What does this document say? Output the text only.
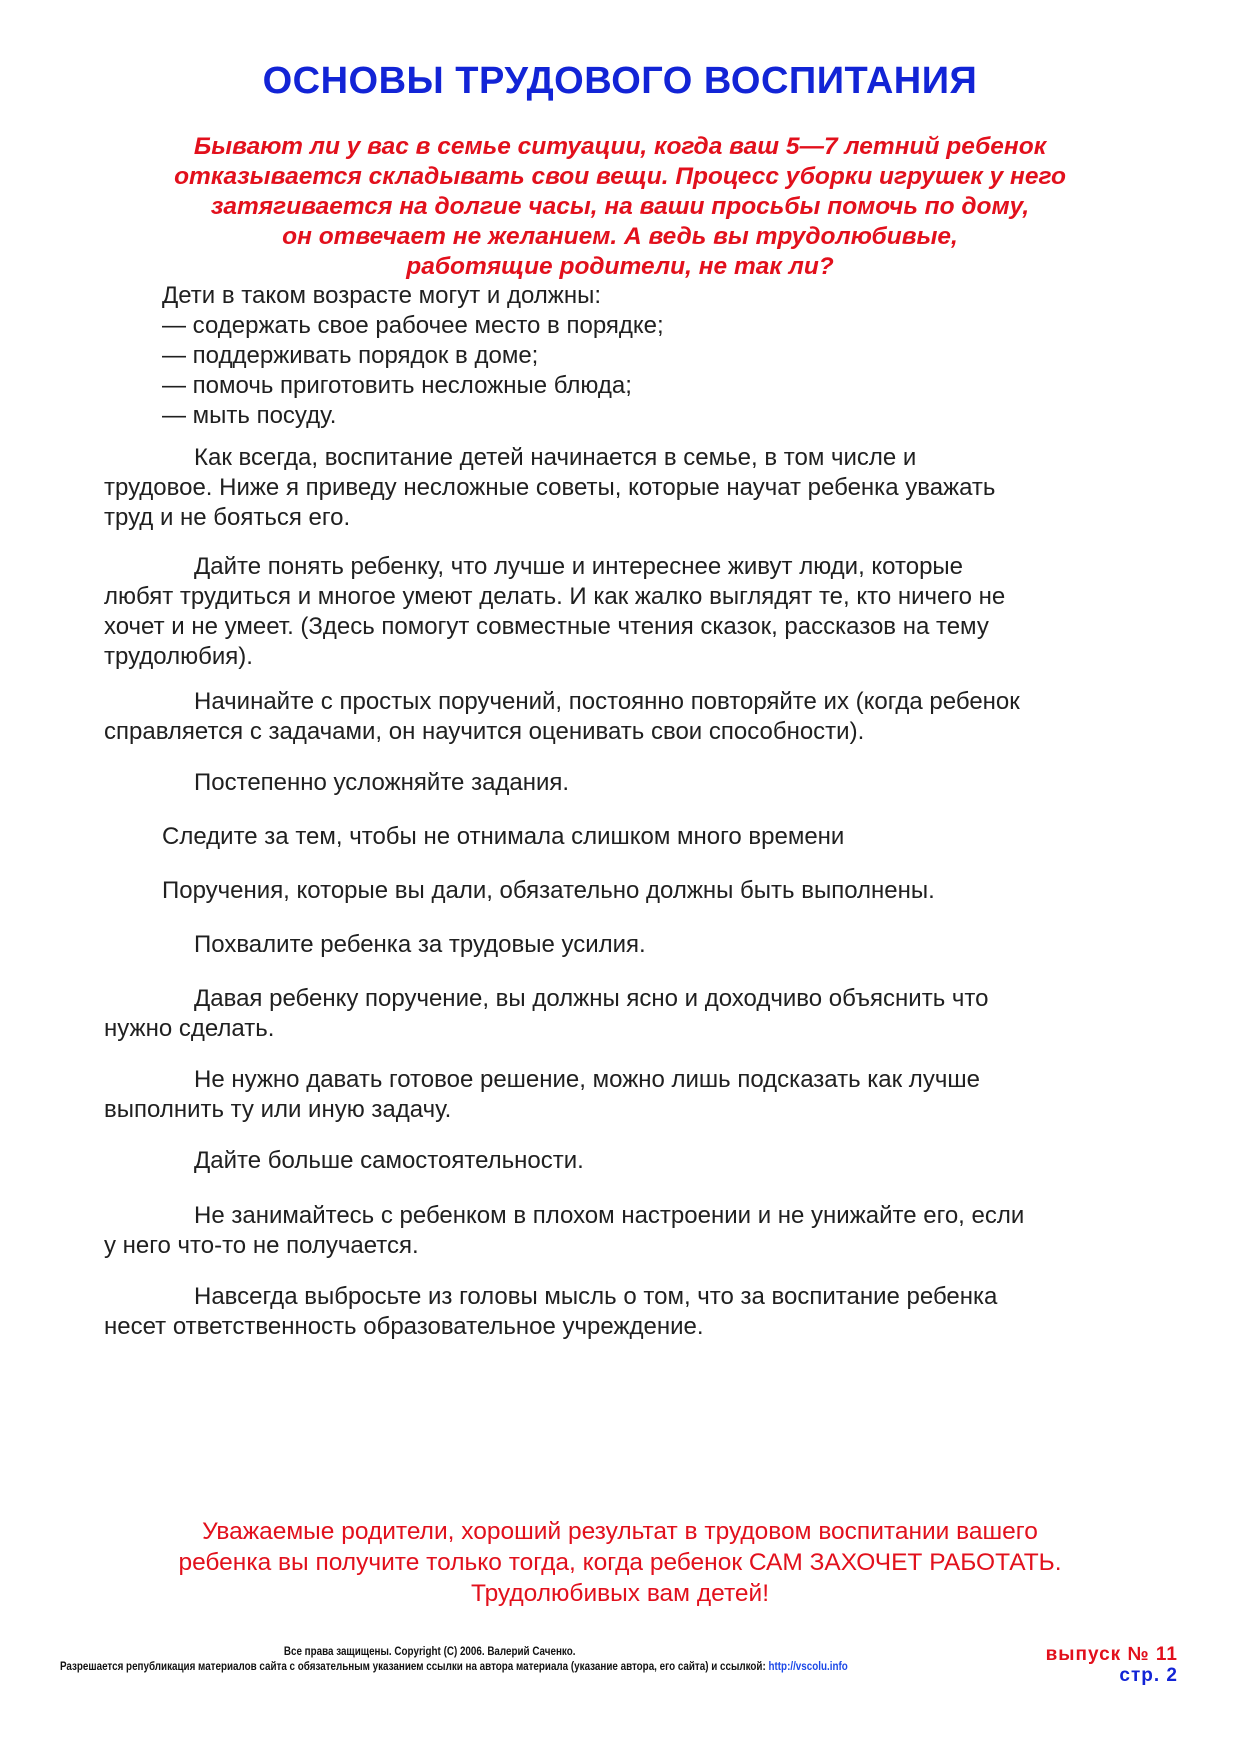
ОСНОВЫ ТРУДОВОГО ВОСПИТАНИЯ
Бывают ли у вас в семье ситуации, когда ваш 5—7 летний ребенок
отказывается складывать свои вещи. Процесс уборки игрушек у него
затягивается на долгие часы, на ваши просьбы помочь по дому,
он отвечает не желанием. А ведь вы трудолюбивые,
работящие родители, не так ли?
Дети в таком возрасте могут и должны:
— содержать свое рабочее место в порядке;
— поддерживать порядок в доме;
— помочь приготовить несложные блюда;
— мыть посуду.
Как всегда, воспитание детей начинается в семье, в том числе и
трудовое. Ниже я приведу несложные советы, которые научат ребенка уважать
труд и не бояться его.
Дайте понять ребенку, что лучше и интереснее живут люди, которые
любят трудиться и многое умеют делать. И как жалко выглядят те, кто ничего не
хочет и не умеет. (Здесь помогут совместные чтения сказок, рассказов на тему
трудолюбия).
Начинайте с простых поручений, постоянно повторяйте их (когда ребенок
справляется с задачами, он научится оценивать свои способности).
Постепенно усложняйте задания.
Следите за тем, чтобы не отнимала слишком много времени
Поручения, которые вы дали, обязательно должны быть выполнены.
Похвалите ребенка за трудовые усилия.
Давая ребенку поручение, вы должны ясно и доходчиво объяснить что
нужно сделать.
Не нужно давать готовое решение, можно лишь подсказать как лучше
выполнить ту или иную задачу.
Дайте больше самостоятельности.
Не занимайтесь с ребенком в плохом настроении и не унижайте его, если
у него что-то не получается.
Навсегда выбросьте из головы мысль о том, что за воспитание ребенка
несет ответственность образовательное учреждение.
Уважаемые родители, хороший результат в трудовом воспитании вашего
ребенка вы получите только тогда, когда ребенок САМ ЗАХОЧЕТ РАБОТАТЬ.
Трудолюбивых вам детей!
Все права защищены. Copyright (C) 2006. Валерий Саченко.
Разрешается републикация материалов сайта с обязательным указанием ссылки на автора материала (указание автора, его сайта) и ссылкой: http://vscolu.info
выпуск № 11
стр. 2
